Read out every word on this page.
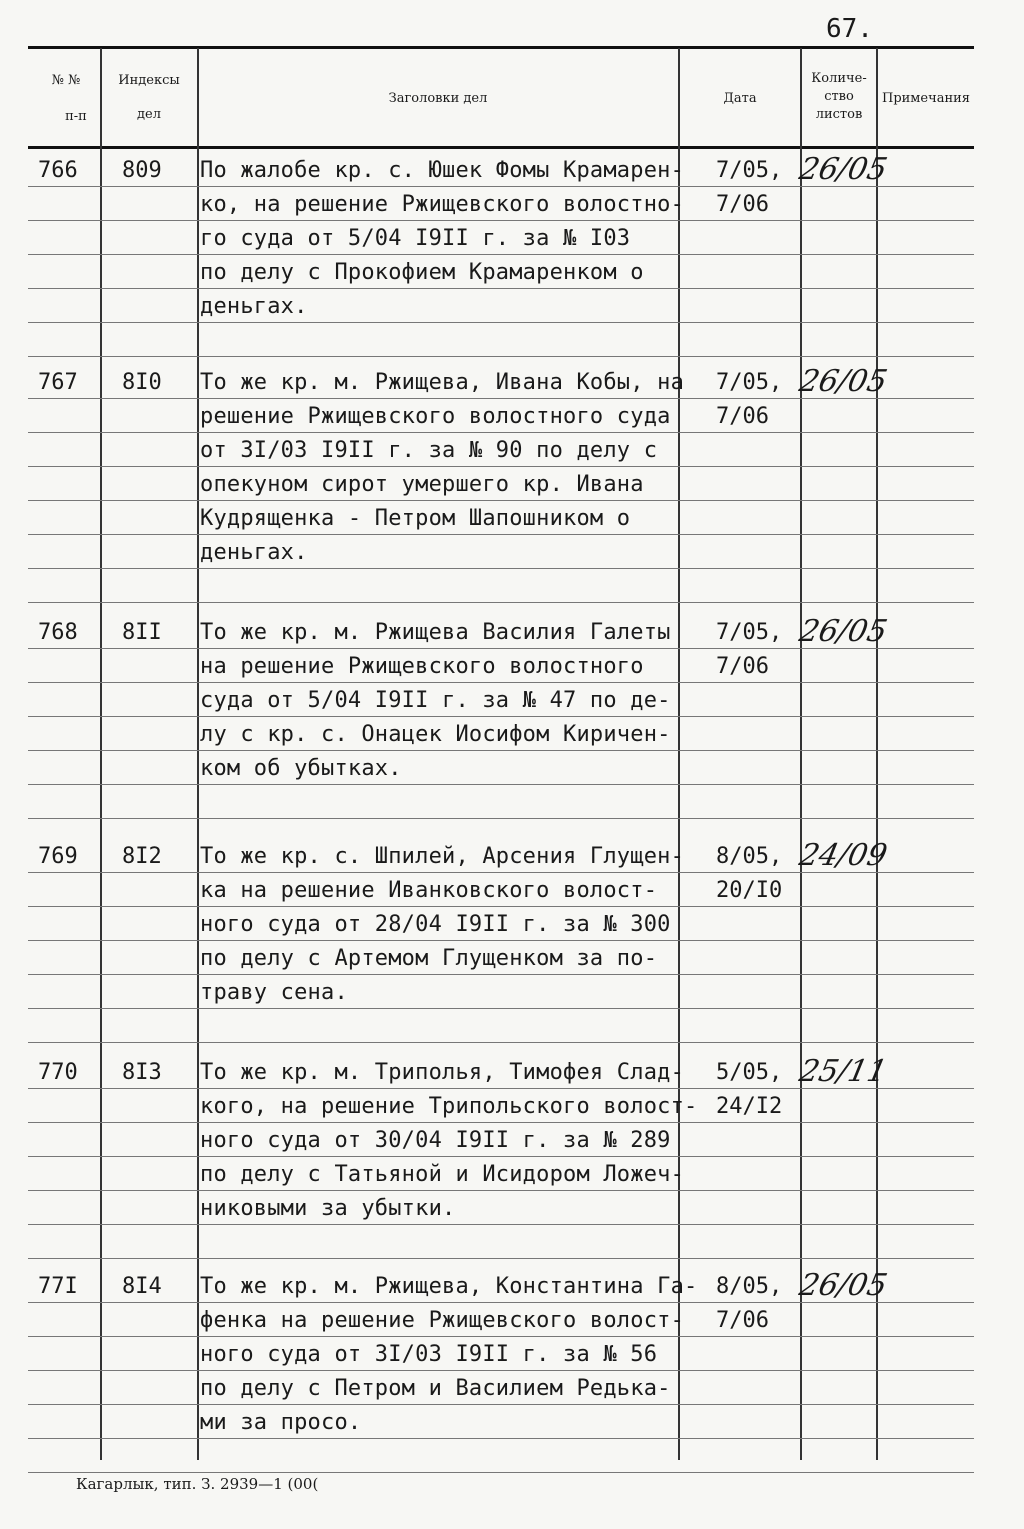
67.
№ №
п-п
Индексы
дел
Заголовки дел	Дата
Количе-
ство
листов
Примечания
766 809 По жалобе кр. с. Юшек Фомы Крамарен-
ко, на решение Ржищевского волостно-
го суда от 5/04 I9II г. за № I03
по делу с Прокофием Крамаренком о
деньгах.
7/05,
7/06
26/05
767 8I0 То же кр. м. Ржищева, Ивана Кобы, на
решение Ржищевского волостного суда
от 3I/03 I9II г. за № 90 по делу с
опекуном сирот умершего кр. Ивана
Кудрященка - Петром Шапошником о
деньгах.
7/05,
7/06
26/05
768 8II То же кр. м. Ржищева Василия Галеты
на решение Ржищевского волостного
суда от 5/04 I9II г. за № 47 по де-
лу с кр. с. Онацек Иосифом Киричен-
ком об убытках.
7/05,
7/06
26/05
769 8I2 То же кр. с. Шпилей, Арсения Глущен-
ка на решение Иванковского волост-
ного суда от 28/04 I9II г. за № 300
по делу с Артемом Глущенком за по-
траву сена.
8/05,
20/I0
24/09
770 8I3 То же кр. м. Триполья, Тимофея Слад-
кого, на решение Трипольского волост-
ного суда от 30/04 I9II г. за № 289
по делу с Татьяной и Исидором Ложеч-
никовыми за убытки.
5/05,
24/I2
25/11
77I 8I4 То же кр. м. Ржищева, Константина Га-
фенка на решение Ржищевского волост-
ного суда от 3I/03 I9II г. за № 56
по делу с Петром и Василием Редька-
ми за просо.
8/05,
7/06
26/05
Кагарлык, тип. З. 2939—1 (00(
